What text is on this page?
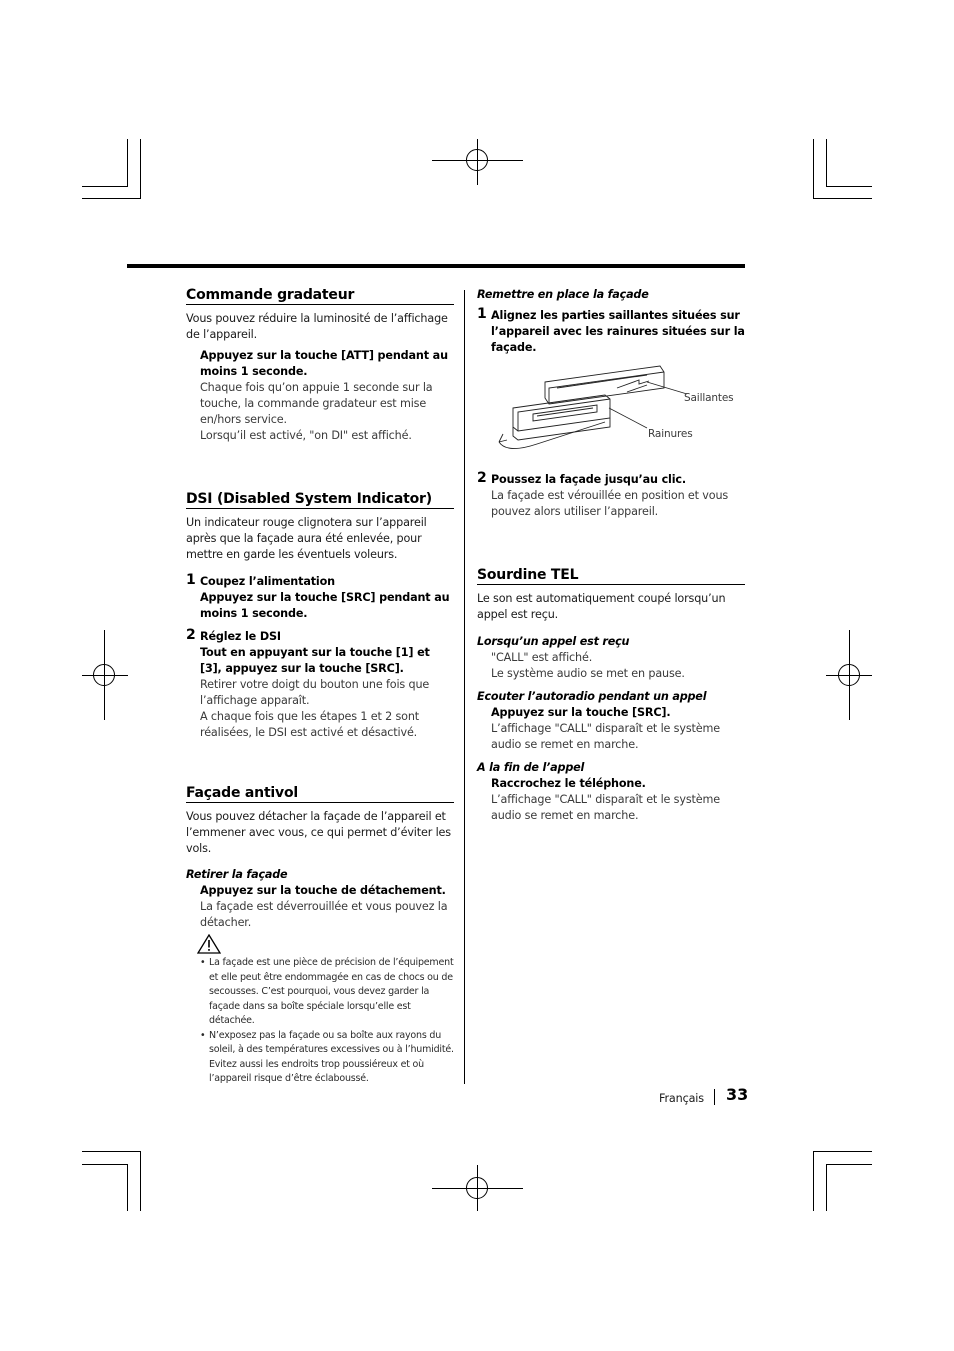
Commande gradateur

Vous pouvez réduire la luminosité de l’affichage de l’appareil.

Appuyez sur la touche [ATT] pendant au moins 1 seconde.

Chaque fois qu’on appuie 1 seconde sur la touche, la commande gradateur est mise en/hors service.

Lorsqu’il est activé, "on DI" est affiché.

DSI (Disabled System Indicator)

Un indicateur rouge clignotera sur l’appareil après que la façade aura été enlevée, pour mettre en garde les éventuels voleurs.

1 Coupez l’alimentation

Appuyez sur la touche [SRC] pendant au moins 1 seconde.

2 Réglez le DSI

Tout en appuyant sur la touche [1] et [3], appuyez sur la touche [SRC].

Retirer votre doigt du bouton une fois que l’affichage apparaît.

A chaque fois que les étapes 1 et 2 sont réalisées, le DSI est activé et désactivé.

Façade antivol

Vous pouvez détacher la façade de l’appareil et l’emmener avec vous, ce qui permet d’éviter les vols.

Retirer la façade

Appuyez sur la touche de détachement.

La façade est déverrouillée et vous pouvez la détacher.

• La façade est une pièce de précision de l’équipement et elle peut être endommagée en cas de chocs ou de secousses. C’est pourquoi, vous devez garder la façade dans sa boîte spéciale lorsqu’elle est détachée.

• N’exposez pas la façade ou sa boîte aux rayons du soleil, à des températures excessives ou à l’humidité. Evitez aussi les endroits trop poussiéreux et où l’appareil risque d’être éclaboussé.

Remettre en place la façade

1 Alignez les parties saillantes situées sur l’appareil avec les rainures situées sur la façade.

Saillantes
Rainures
2 Poussez la façade jusqu’au clic.

La façade est vérouillée en position et vous pouvez alors utiliser l’appareil.

Sourdine TEL

Le son est automatiquement coupé lorsqu’un appel est reçu.

Lorsqu’un appel est reçu

"CALL" est affiché.

Le système audio se met en pause.

Ecouter l’autoradio pendant un appel

Appuyez sur la touche [SRC].

L’affichage "CALL" disparaît et le système audio se remet en marche.

A la fin de l’appel

Raccrochez le téléphone.

L’affichage "CALL" disparaît et le système audio se remet en marche.

Français 33
